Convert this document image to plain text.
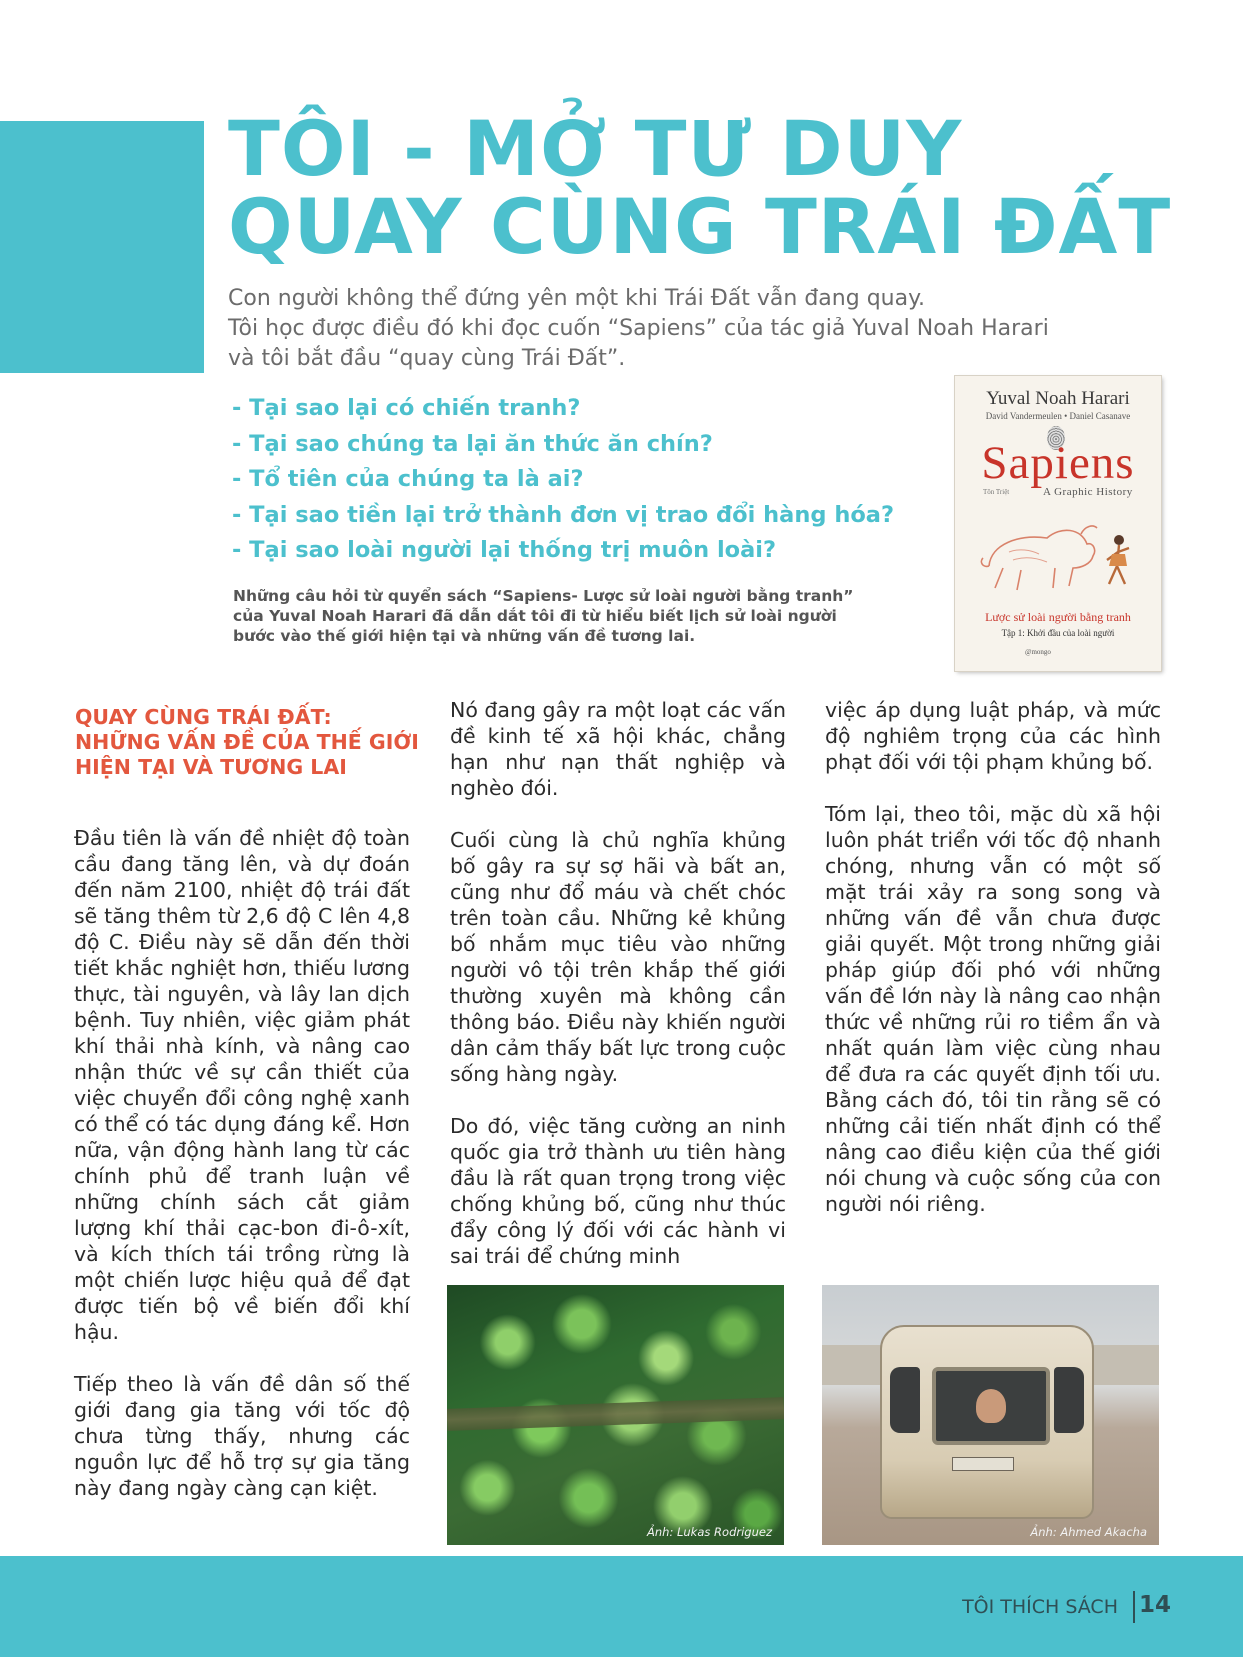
TÔI - MỞ TƯ DUY
QUAY CÙNG TRÁI ĐẤT

Con người không thể đứng yên một khi Trái Đất vẫn đang quay.
Tôi học được điều đó khi đọc cuốn “Sapiens” của tác giả Yuval Noah Harari
và tôi bắt đầu “quay cùng Trái Đất”.

- Tại sao lại có chiến tranh?
- Tại sao chúng ta lại ăn thức ăn chín?
- Tổ tiên của chúng ta là ai?
- Tại sao tiền lại trở thành đơn vị trao đổi hàng hóa?
- Tại sao loài người lại thống trị muôn loài?

Những câu hỏi từ quyển sách “Sapiens- Lược sử loài người bằng tranh”
của Yuval Noah Harari đã dẫn dắt tôi đi từ hiểu biết lịch sử loài người
bước vào thế giới hiện tại và những vấn đề tương lai.

Yuval Noah Harari
David Vandermeulen • Daniel Casanave
Sapiens
Tôn Triệt	A Graphic History
Lược sử loài người bằng tranh
Tập 1: Khởi đầu của loài người
@mongo
QUAY CÙNG TRÁI ĐẤT:
NHỮNG VẤN ĐỀ CỦA THẾ GIỚI
HIỆN TẠI VÀ TƯƠNG LAI

Đầu tiên là vấn đề nhiệt độ toàn cầu đang tăng lên, và dự đoán đến năm 2100, nhiệt độ trái đất sẽ tăng thêm từ 2,6 độ C lên 4,8 độ C. Điều này sẽ dẫn đến thời tiết khắc nghiệt hơn, thiếu lương thực, tài nguyên, và lây lan dịch bệnh. Tuy nhiên, việc giảm phát khí thải nhà kính, và nâng cao nhận thức về sự cần thiết của việc chuyển đổi công nghệ xanh có thể có tác dụng đáng kể. Hơn nữa, vận động hành lang từ các chính phủ để tranh luận về những chính sách cắt giảm lượng khí thải cạc-bon đi-ô-xít, và kích thích tái trồng rừng là một chiến lược hiệu quả để đạt được tiến bộ về biến đổi khí hậu.

Tiếp theo là vấn đề dân số thế giới đang gia tăng với tốc độ chưa từng thấy, nhưng các nguồn lực để hỗ trợ sự gia tăng này đang ngày càng cạn kiệt.

Nó đang gây ra một loạt các vấn đề kinh tế xã hội khác, chẳng hạn như nạn thất nghiệp và nghèo đói.

Cuối cùng là chủ nghĩa khủng bố gây ra sự sợ hãi và bất an, cũng như đổ máu và chết chóc trên toàn cầu. Những kẻ khủng bố nhắm mục tiêu vào những người vô tội trên khắp thế giới thường xuyên mà không cần thông báo. Điều này khiến người dân cảm thấy bất lực trong cuộc sống hàng ngày.

Do đó, việc tăng cường an ninh quốc gia trở thành ưu tiên hàng đầu là rất quan trọng trong việc chống khủng bố, cũng như thúc đẩy công lý đối với các hành vi sai trái để chứng minh

việc áp dụng luật pháp, và mức độ nghiêm trọng của các hình phạt đối với tội phạm khủng bố.

Tóm lại, theo tôi, mặc dù xã hội luôn phát triển với tốc độ nhanh chóng, nhưng vẫn có một số mặt trái xảy ra song song và những vấn đề vẫn chưa được giải quyết. Một trong những giải pháp giúp đối phó với những vấn đề lớn này là nâng cao nhận thức về những rủi ro tiềm ẩn và nhất quán làm việc cùng nhau để đưa ra các quyết định tối ưu. Bằng cách đó, tôi tin rằng sẽ có những cải tiến nhất định có thể nâng cao điều kiện của thế giới nói chung và cuộc sống của con người nói riêng.

Ảnh: Lukas Rodriguez	Ảnh: Ahmed Akacha
TÔI THÍCH SÁCH 14
